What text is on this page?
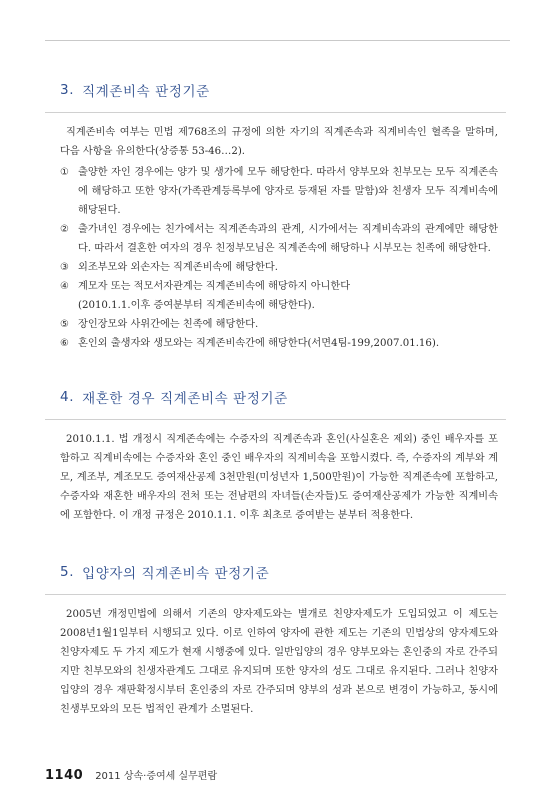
3. 직계존비속 판정기준

직계존비속 여부는 민법 제768조의 규정에 의한 자기의 직계존속과 직계비속인 혈족을 말하며, 다음 사항을 유의한다(상증통 53-46…2).

① 출양한 자인 경우에는 양가 및 생가에 모두 해당한다. 따라서 양부모와 친부모는 모두 직계존속에 해당하고 또한 양자(가족관계등록부에 양자로 등재된 자를 말함)와 친생자 모두 직계비속에 해당된다.
② 출가녀인 경우에는 친가에서는 직계존속과의 관계, 시가에서는 직계비속과의 관계에만 해당한다. 따라서 결혼한 여자의 경우 친정부모님은 직계존속에 해당하나 시부모는 친족에 해당한다.
③ 외조부모와 외손자는 직계존비속에 해당한다.
④ 계모자 또는 적모서자관계는 직계존비속에 해당하지 아니한다
(2010.1.1.이후 증여분부터 직계존비속에 해당한다).
⑤ 장인장모와 사위간에는 친족에 해당한다.
⑥ 혼인외 출생자와 생모와는 직계존비속간에 해당한다(서면4팀-199,2007.01.16).
4. 재혼한 경우 직계존비속 판정기준

2010.1.1. 법 개정시 직계존속에는 수증자의 직계존속과 혼인(사실혼은 제외) 중인 배우자를 포함하고 직계비속에는 수증자와 혼인 중인 배우자의 직계비속을 포함시켰다. 즉, 수증자의 계부와 계모, 계조부, 계조모도 증여재산공제 3천만원(미성년자 1,500만원)이 가능한 직계존속에 포함하고, 수증자와 재혼한 배우자의 전처 또는 전남편의 자녀들(손자들)도 증여재산공제가 가능한 직계비속에 포함한다. 이 개정 규정은 2010.1.1. 이후 최초로 증여받는 분부터 적용한다.

5. 입양자의 직계존비속 판정기준

2005년 개정민법에 의해서 기존의 양자제도와는 별개로 친양자제도가 도입되었고 이 제도는 2008년1월1일부터 시행되고 있다. 이로 인하여 양자에 관한 제도는 기존의 민법상의 양자제도와 친양자제도 두 가지 제도가 현재 시행중에 있다. 일반입양의 경우 양부모와는 혼인중의 자로 간주되지만 친부모와의 친생자관계도 그대로 유지되며 또한 양자의 성도 그대로 유지된다. 그러나 친양자 입양의 경우 재판확정시부터 혼인중의 자로 간주되며 양부의 성과 본으로 변경이 가능하고, 동시에 친생부모와의 모든 법적인 관계가 소멸된다.

1140 2011 상속·증여세 실무편람
